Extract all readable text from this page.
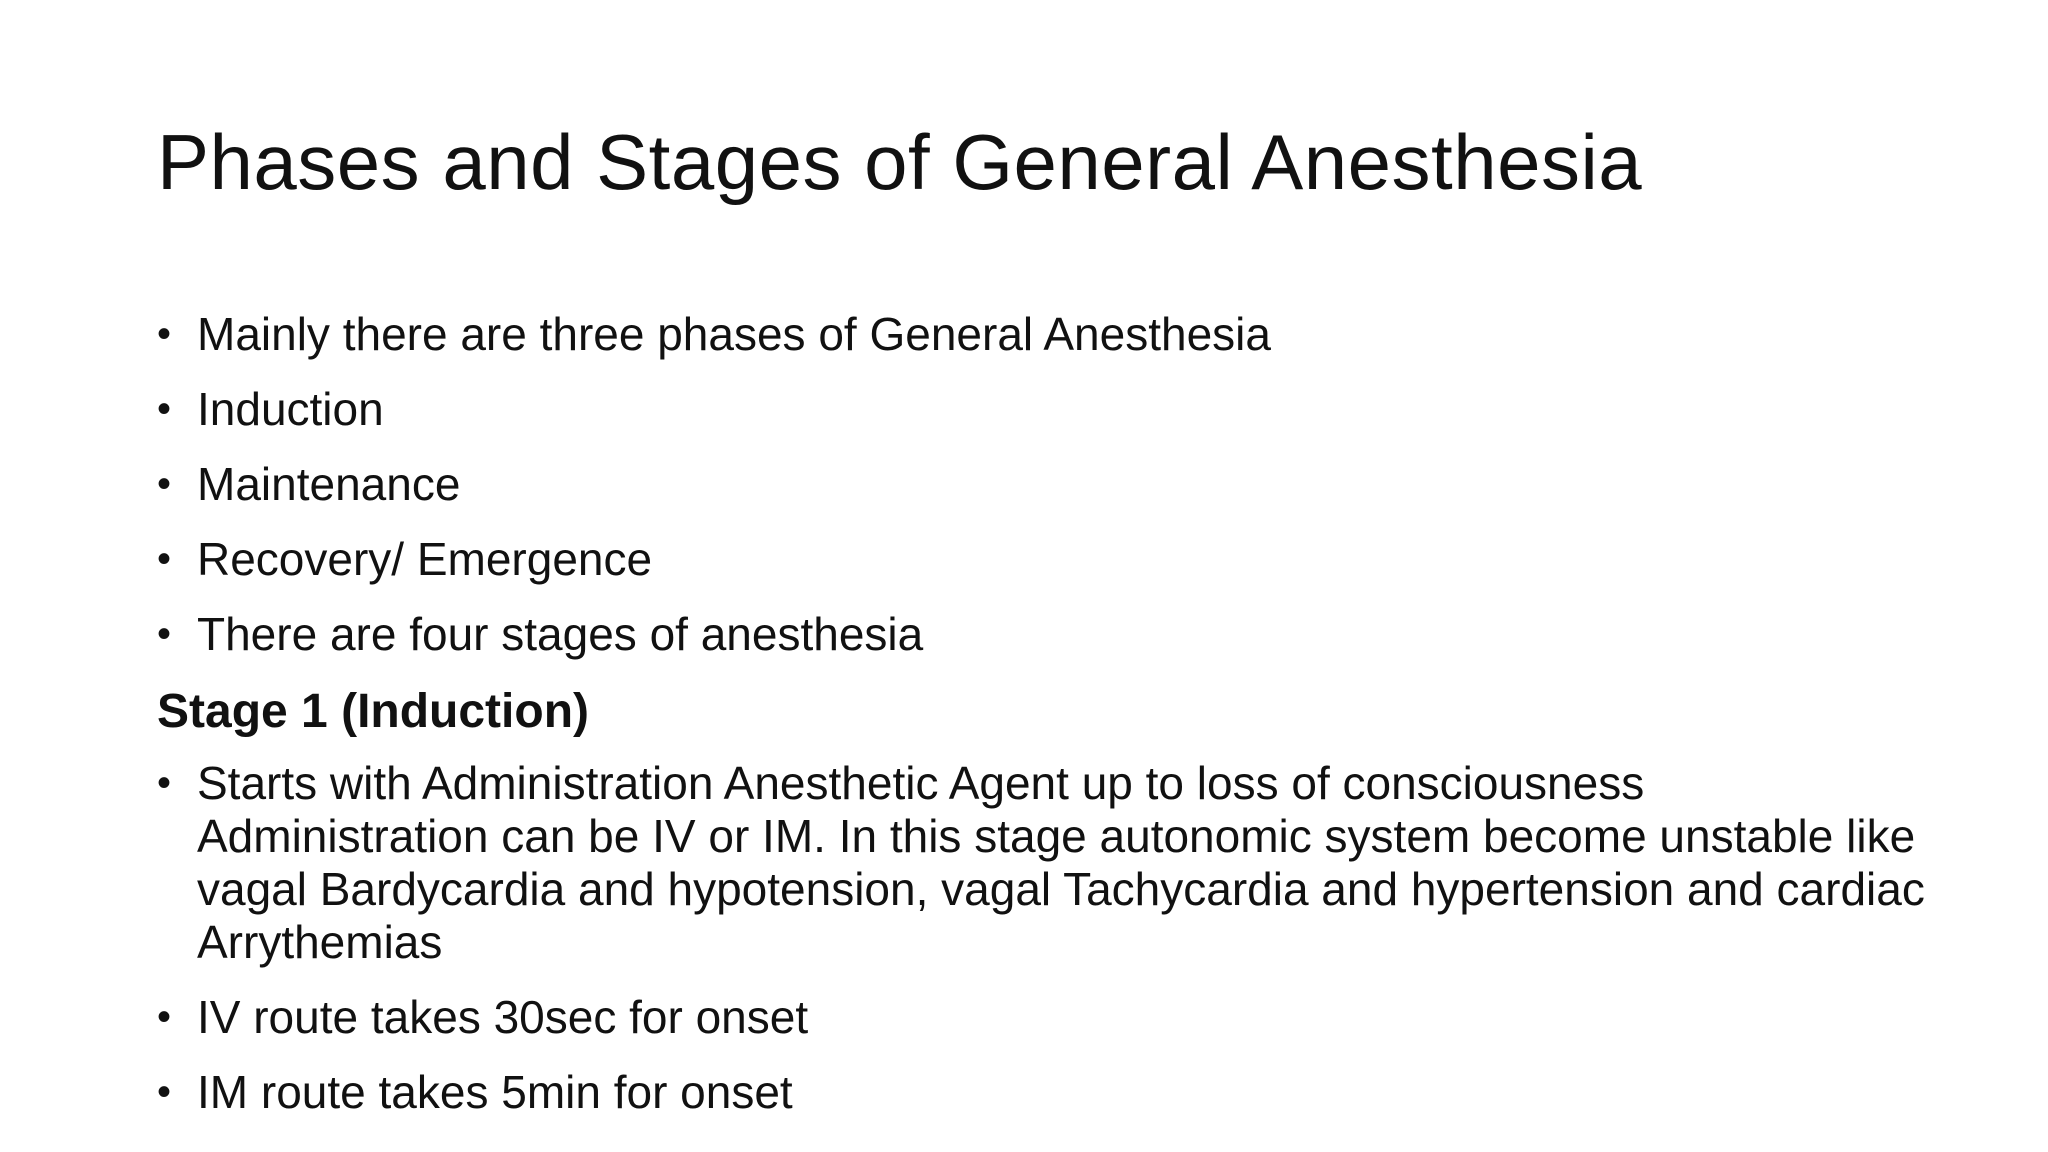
Phases and Stages of General Anesthesia
• Mainly there are three phases of General Anesthesia
• Induction
• Maintenance
• Recovery/ Emergence
• There are four stages of anesthesia
Stage 1 (Induction)
• Starts with Administration Anesthetic Agent up to loss of consciousness Administration can be IV or IM. In this stage autonomic system become unstable like vagal Bardycardia and hypotension, vagal Tachycardia and hypertension and cardiac Arrythemias
• IV route takes 30sec for onset
• IM route takes 5min for onset
